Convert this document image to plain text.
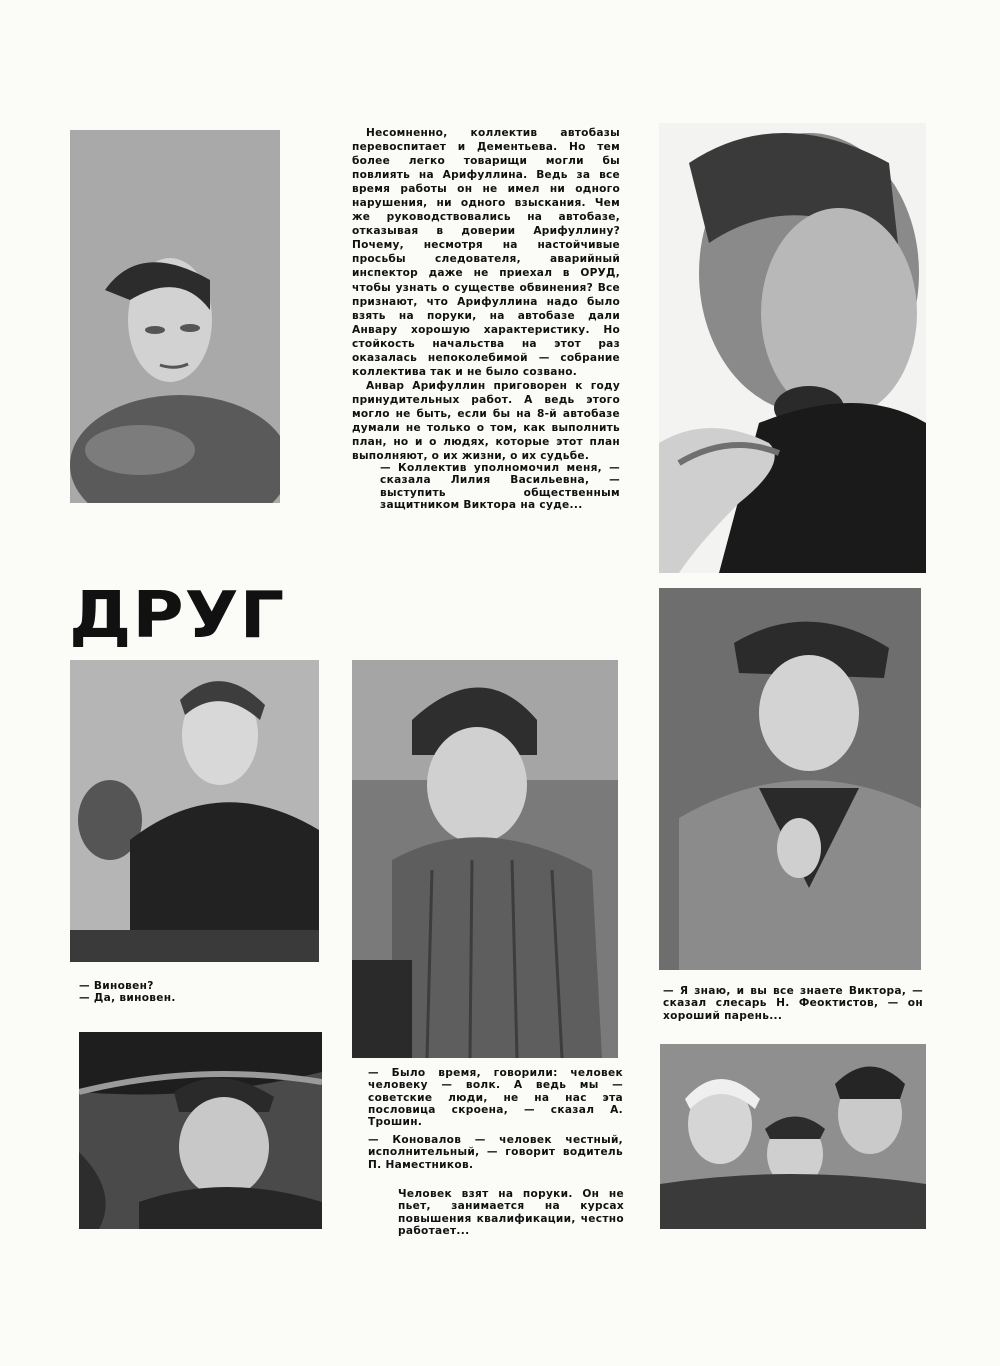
Несомненно, коллектив автобазы перевоспитает и Дементьева. Но тем более легко товарищи могли бы повлиять на Арифуллина. Ведь за все время работы он не имел ни одного нарушения, ни одного взыскания. Чем же руководствовались на автобазе, отказывая в доверии Арифуллину? Почему, несмотря на настойчивые просьбы следователя, аварийный инспектор даже не приехал в ОРУД, чтобы узнать о существе обвинения? Все признают, что Арифуллина надо было взять на поруки, на автобазе дали Анвару хорошую характеристику. Но стойкость начальства на этот раз оказалась непоколебимой — собрание коллектива так и не было созвано.

Анвар Арифуллин приговорен к году принудительных работ. А ведь этого могло не быть, если бы на 8-й автобазе думали не только о том, как выполнить план, но и о людях, которые этот план выполняют, о их жизни, о их судьбе.

— Коллектив уполномочил меня, — сказала Лилия Васильевна, — выступить общественным защитником Виктора на суде...
ДРУГ
— Виновен?
— Да, виновен.
— Было время, говорили: человек человеку — волк. А ведь мы — советские люди, не на нас эта пословица скроена, — сказал А. Трошин.
— Коновалов — человек честный, исполнительный, — говорит водитель П. Наместников.
Человек взят на поруки. Он не пьет, занимается на курсах повышения квалификации, честно работает...
— Я знаю, и вы все знаете Виктора, — сказал слесарь Н. Феоктистов, — он хороший парень...
